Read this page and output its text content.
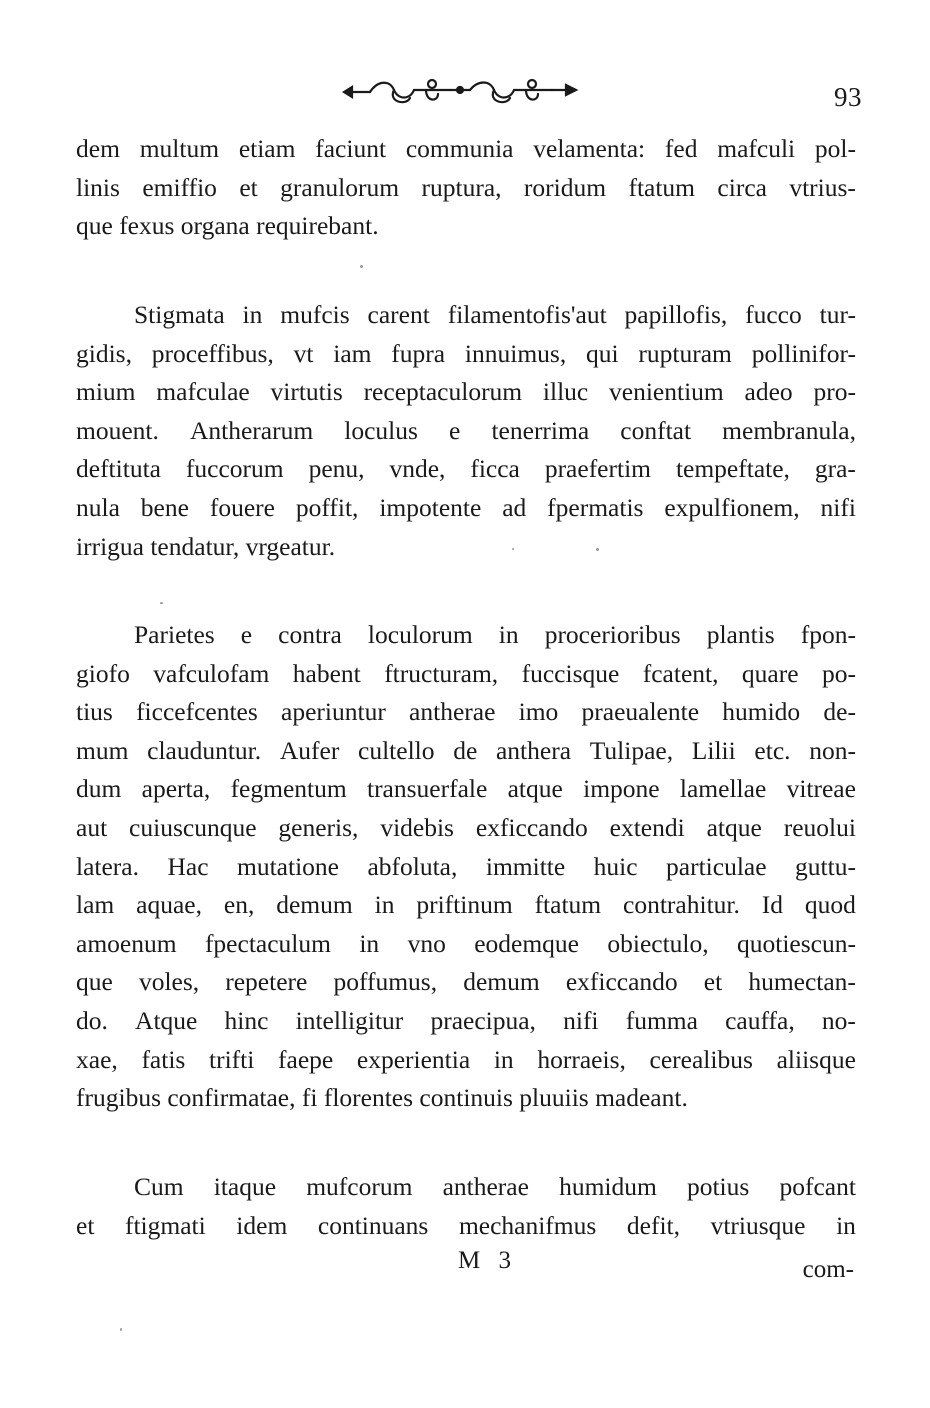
93
dem multum etiam faciunt communia velamenta: fed mafculi pol-
linis emiffio et granulorum ruptura, roridum ftatum circa vtrius-
que fexus organa requirebant.
Stigmata in mufcis carent filamentofis'aut papillofis, fucco tur-
gidis, proceffibus, vt iam fupra innuimus, qui rupturam pollinifor-
mium mafculae virtutis receptaculorum illuc venientium adeo pro-
mouent. Antherarum loculus e tenerrima conftat membranula,
deftituta fuccorum penu, vnde, ficca praefertim tempeftate, gra-
nula bene fouere poffit, impotente ad fpermatis expulfionem, nifi
irrigua tendatur, vrgeatur.
Parietes e contra loculorum in procerioribus plantis fpon-
giofo vafculofam habent ftructuram, fuccisque fcatent, quare po-
tius ficcefcentes aperiuntur antherae imo praeualente humido de-
mum clauduntur. Aufer cultello de anthera Tulipae, Lilii etc. non-
dum aperta, fegmentum transuerfale atque impone lamellae vitreae
aut cuiuscunque generis, videbis exficcando extendi atque reuolui
latera. Hac mutatione abfoluta, immitte huic particulae guttu-
lam aquae, en, demum in priftinum ftatum contrahitur. Id quod
amoenum fpectaculum in vno eodemque obiectulo, quotiescun-
que voles, repetere poffumus, demum exficcando et humectan-
do. Atque hinc intelligitur praecipua, nifi fumma cauffa, no-
xae, fatis trifti faepe experientia in horraeis, cerealibus aliisque
frugibus confirmatae, fi florentes continuis pluuiis madeant.
Cum itaque mufcorum antherae humidum potius pofcant
et ftigmati idem continuans mechanifmus defit, vtriusque in
M 3	com-
